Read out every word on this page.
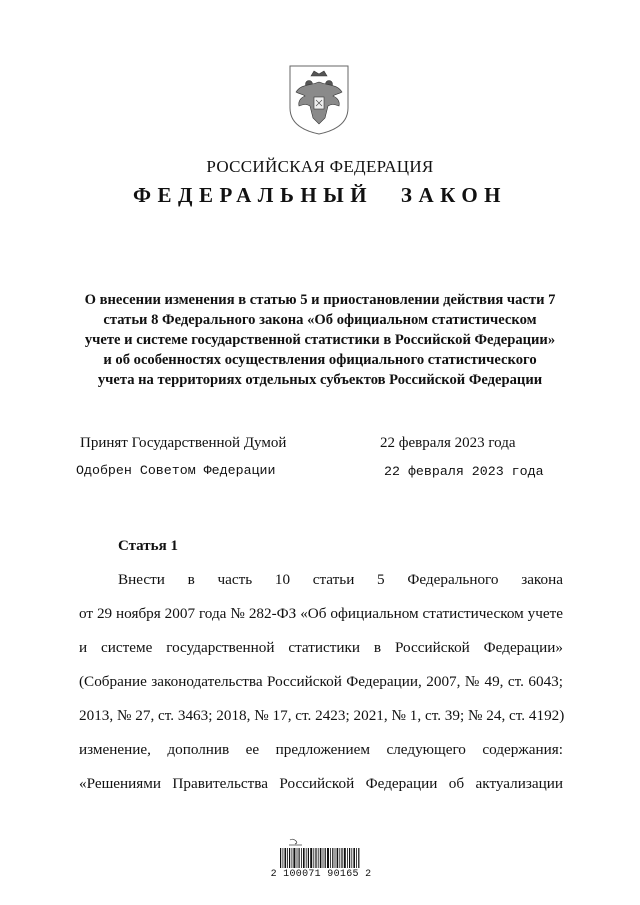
РОССИЙСКАЯ ФЕДЕРАЦИЯ
ФЕДЕРАЛЬНЫЙ ЗАКОН
О внесении изменения в статью 5 и приостановлении действия части 7
статьи 8 Федерального закона «Об официальном статистическом
учете и системе государственной статистики в Российской Федерации»
и об особенностях осуществления официального статистического
учета на территориях отдельных субъектов Российской Федерации
Принят Государственной Думой	22 февраля 2023 года
Одобрен Советом Федерации	22 февраля 2023 года
Статья 1
Внести в часть 10 статьи 5 Федерального закона
от 29 ноября 2007 года № 282-ФЗ «Об официальном статистическом учете
и системе государственной статистики в Российской Федерации»
(Собрание законодательства Российской Федерации, 2007, № 49, ст. 6043;
2013, № 27, ст. 3463; 2018, № 17, ст. 2423; 2021, № 1, ст. 39; № 24, ст. 4192)
изменение, дополнив ее предложением следующего содержания:
«Решениями Правительства Российской Федерации об актуализации
2 100071 90165 2
